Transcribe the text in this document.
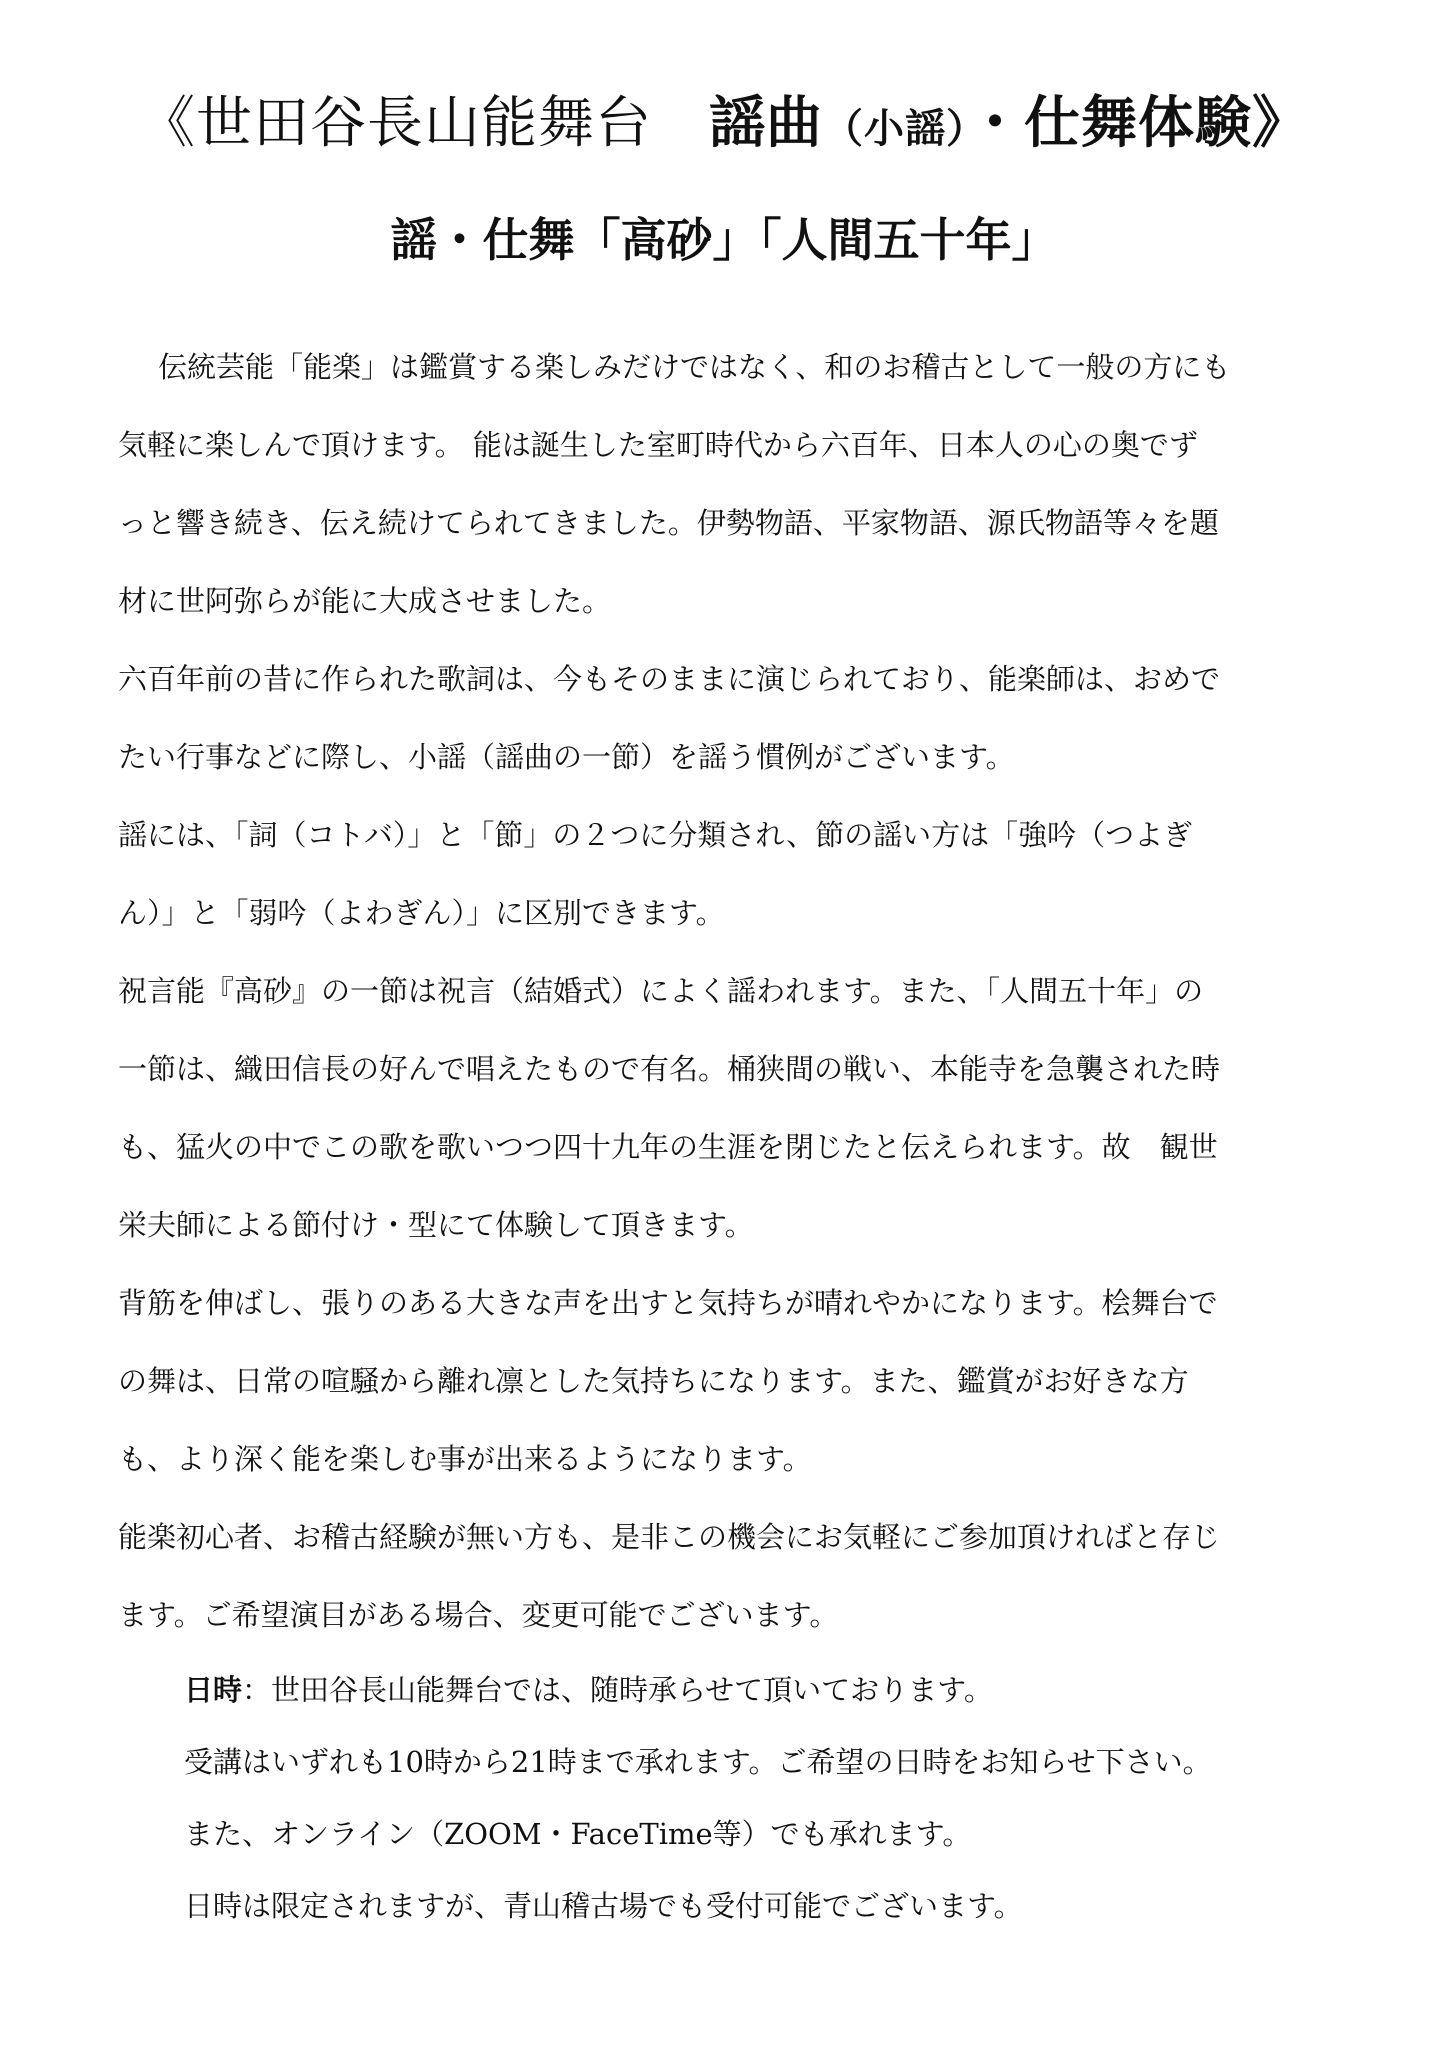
《世田谷長山能舞台　謡曲（小謡）・仕舞体験》
謡・仕舞「高砂」「人間五十年」
伝統芸能「能楽」は鑑賞する楽しみだけではなく、和のお稽古として一般の方にも
気軽に楽しんで頂けます。 能は誕生した室町時代から六百年、日本人の心の奥でず
っと響き続き、伝え続けてられてきました。伊勢物語、平家物語、源氏物語等々を題
材に世阿弥らが能に大成させました。
六百年前の昔に作られた歌詞は、今もそのままに演じられており、能楽師は、おめで
たい行事などに際し、小謡（謡曲の一節）を謡う慣例がございます。
謡には、「詞（コトバ）」と「節」の２つに分類され、節の謡い方は「強吟（つよぎ
ん）」と「弱吟（よわぎん）」に区別できます。
祝言能『高砂』の一節は祝言（結婚式）によく謡われます。また、「人間五十年」の
一節は、織田信長の好んで唱えたもので有名。桶狭間の戦い、本能寺を急襲された時
も、猛火の中でこの歌を歌いつつ四十九年の生涯を閉じたと伝えられます。故　観世
栄夫師による節付け・型にて体験して頂きます。
背筋を伸ばし、張りのある大きな声を出すと気持ちが晴れやかになります。桧舞台で
の舞は、日常の喧騒から離れ凛とした気持ちになります。また、鑑賞がお好きな方
も、より深く能を楽しむ事が出来るようになります。
能楽初心者、お稽古経験が無い方も、是非この機会にお気軽にご参加頂ければと存じ
ます。ご希望演目がある場合、変更可能でございます。
日時：世田谷長山能舞台では、随時承らせて頂いております。
受講はいずれも10時から21時まで承れます。ご希望の日時をお知らせ下さい。
また、オンライン（ZOOM・FaceTime等）でも承れます。
日時は限定されますが、青山稽古場でも受付可能でございます。
